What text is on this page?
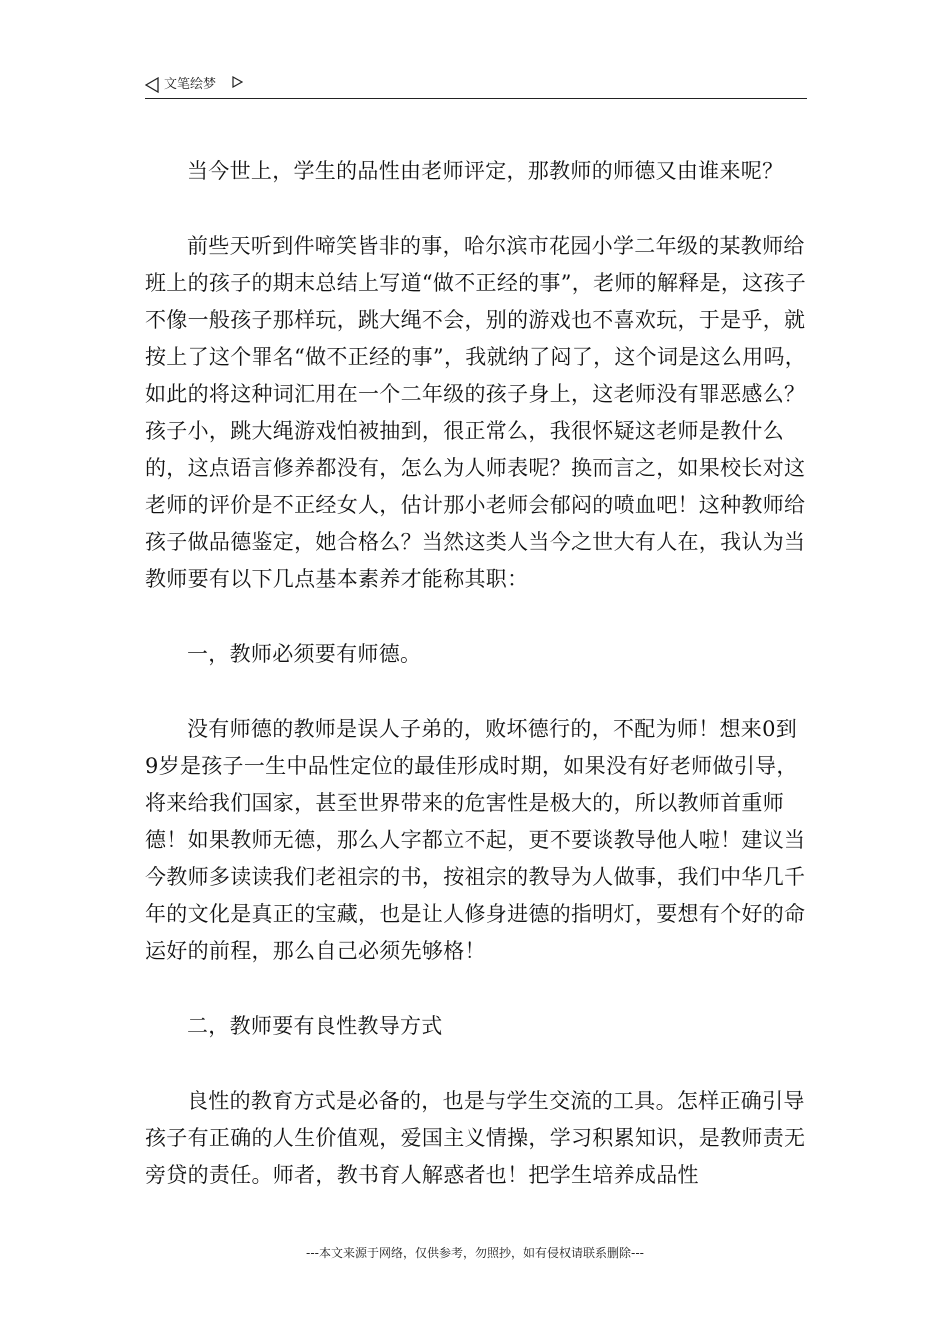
文笔绘梦

当今世上，学生的品性由老师评定，那教师的师德又由谁来呢？

前些天听到件啼笑皆非的事，哈尔滨市花园小学二年级的某教师给班上的孩子的期末总结上写道“做不正经的事”，老师的解释是，这孩子不像一般孩子那样玩，跳大绳不会，别的游戏也不喜欢玩，于是乎，就按上了这个罪名“做不正经的事”，我就纳了闷了，这个词是这么用吗，如此的将这种词汇用在一个二年级的孩子身上，这老师没有罪恶感么？孩子小，跳大绳游戏怕被抽到，很正常么，我很怀疑这老师是教什么的，这点语言修养都没有，怎么为人师表呢？换而言之，如果校长对这老师的评价是不正经女人，估计那小老师会郁闷的喷血吧！这种教师给孩子做品德鉴定，她合格么？当然这类人当今之世大有人在，我认为当教师要有以下几点基本素养才能称其职：

一，教师必须要有师德。

没有师德的教师是误人子弟的，败坏德行的，不配为师！想来0到9岁是孩子一生中品性定位的最佳形成时期，如果没有好老师做引导，将来给我们国家，甚至世界带来的危害性是极大的，所以教师首重师德！如果教师无德，那么人字都立不起，更不要谈教导他人啦！建议当今教师多读读我们老祖宗的书，按祖宗的教导为人做事，我们中华几千年的文化是真正的宝藏，也是让人修身进德的指明灯，要想有个好的命运好的前程，那么自己必须先够格！

二，教师要有良性教导方式

良性的教育方式是必备的，也是与学生交流的工具。怎样正确引导孩子有正确的人生价值观，爱国主义情操，学习积累知识，是教师责无旁贷的责任。师者，教书育人解惑者也！把学生培养成品性

---本文来源于网络，仅供参考，勿照抄，如有侵权请联系删除---
